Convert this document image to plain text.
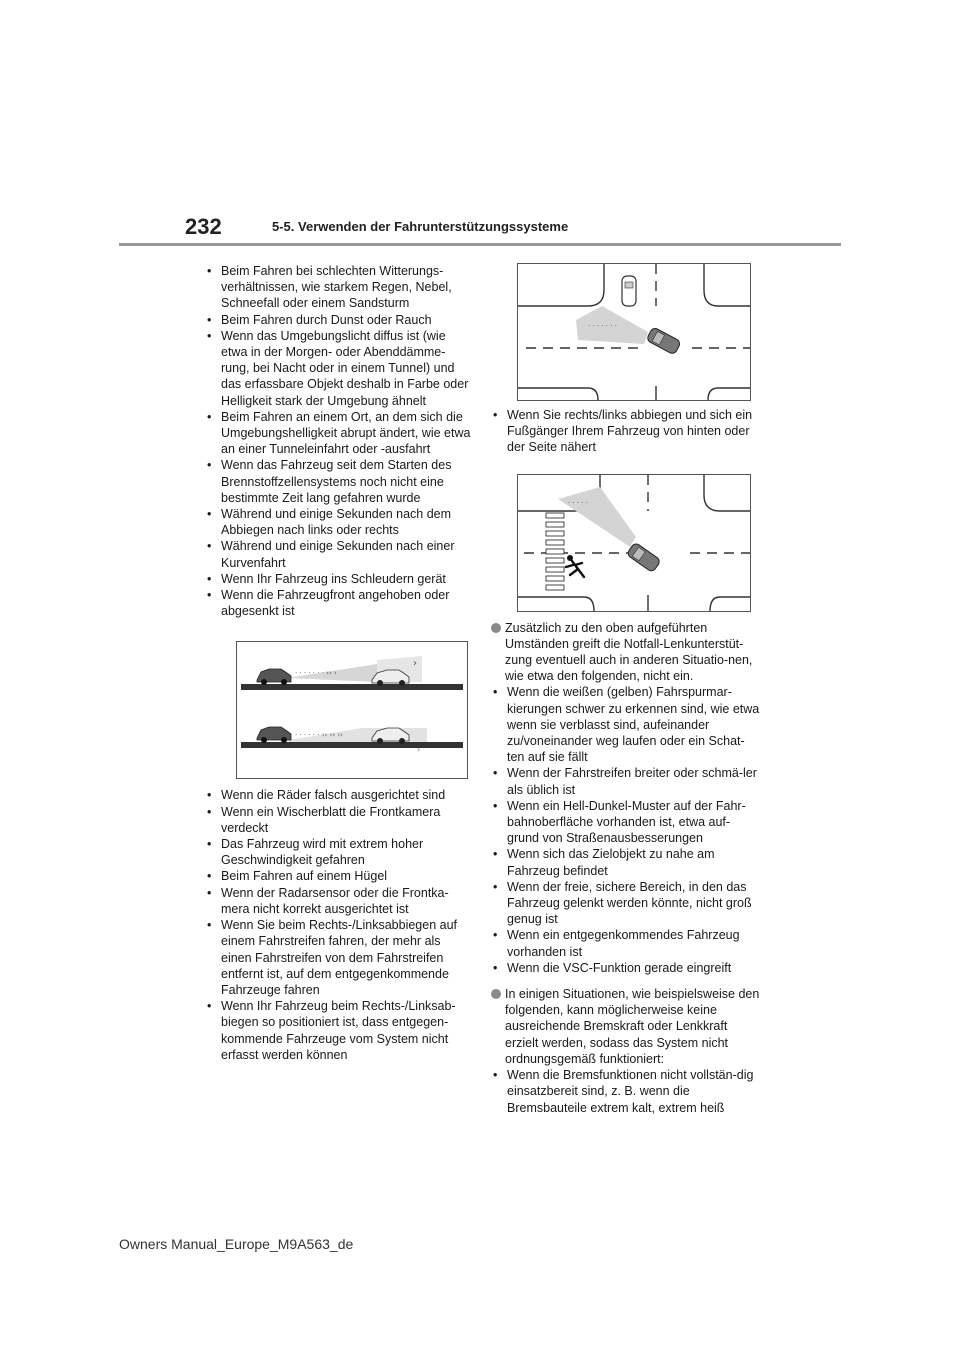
232	5-5. Verwenden der Fahrunterstützungssysteme
• Beim Fahren bei schlechten Witterungs-verhältnissen, wie starkem Regen, Nebel, Schneefall oder einem Sandsturm
• Beim Fahren durch Dunst oder Rauch
• Wenn das Umgebungslicht diffus ist (wie etwa in der Morgen- oder Abenddämme-rung, bei Nacht oder in einem Tunnel) und das erfassbare Objekt deshalb in Farbe oder Helligkeit stark der Umgebung ähnelt
• Beim Fahren an einem Ort, an dem sich die Umgebungshelligkeit abrupt ändert, wie etwa an einer Tunneleinfahrt oder -ausfahrt
• Wenn das Fahrzeug seit dem Starten des Brennstoffzellensystems noch nicht eine bestimmte Zeit lang gefahren wurde
• Während und einige Sekunden nach dem Abbiegen nach links oder rechts
• Während und einige Sekunden nach einer Kurvenfahrt
• Wenn Ihr Fahrzeug ins Schleudern gerät
• Wenn die Fahrzeugfront angehoben oder abgesenkt ist
· · · · · · · ›› ›
›
· · · · · · ›› ›› ››
›
• Wenn die Räder falsch ausgerichtet sind
• Wenn ein Wischerblatt die Frontkamera verdeckt
• Das Fahrzeug wird mit extrem hoher Geschwindigkeit gefahren
• Beim Fahren auf einem Hügel
• Wenn der Radarsensor oder die Frontka-mera nicht korrekt ausgerichtet ist
• Wenn Sie beim Rechts-/Linksabbiegen auf einem Fahrstreifen fahren, der mehr als einen Fahrstreifen von dem Fahrstreifen entfernt ist, auf dem entgegenkommende Fahrzeuge fahren
• Wenn Ihr Fahrzeug beim Rechts-/Linksab-biegen so positioniert ist, dass entgegen-kommende Fahrzeuge vom System nicht erfasst werden können
· · · · · · ·
• Wenn Sie rechts/links abbiegen und sich ein Fußgänger Ihrem Fahrzeug von hinten oder der Seite nähert
· · · · ·
Zusätzlich zu den oben aufgeführten Umständen greift die Notfall-Lenkunterstüt-zung eventuell auch in anderen Situatio-nen, wie etwa den folgenden, nicht ein.
• Wenn die weißen (gelben) Fahrspurmar-kierungen schwer zu erkennen sind, wie etwa wenn sie verblasst sind, aufeinander zu/voneinander weg laufen oder ein Schat-ten auf sie fällt
• Wenn der Fahrstreifen breiter oder schmä-ler als üblich ist
• Wenn ein Hell-Dunkel-Muster auf der Fahr-bahnoberfläche vorhanden ist, etwa auf-grund von Straßenausbesserungen
• Wenn sich das Zielobjekt zu nahe am Fahrzeug befindet
• Wenn der freie, sichere Bereich, in den das Fahrzeug gelenkt werden könnte, nicht groß genug ist
• Wenn ein entgegenkommendes Fahrzeug vorhanden ist
• Wenn die VSC-Funktion gerade eingreift
In einigen Situationen, wie beispielsweise den folgenden, kann möglicherweise keine ausreichende Bremskraft oder Lenkkraft erzielt werden, sodass das System nicht ordnungsgemäß funktioniert:
• Wenn die Bremsfunktionen nicht vollstän-dig einsatzbereit sind, z. B. wenn die Bremsbauteile extrem kalt, extrem heiß
Owners Manual_Europe_M9A563_de
